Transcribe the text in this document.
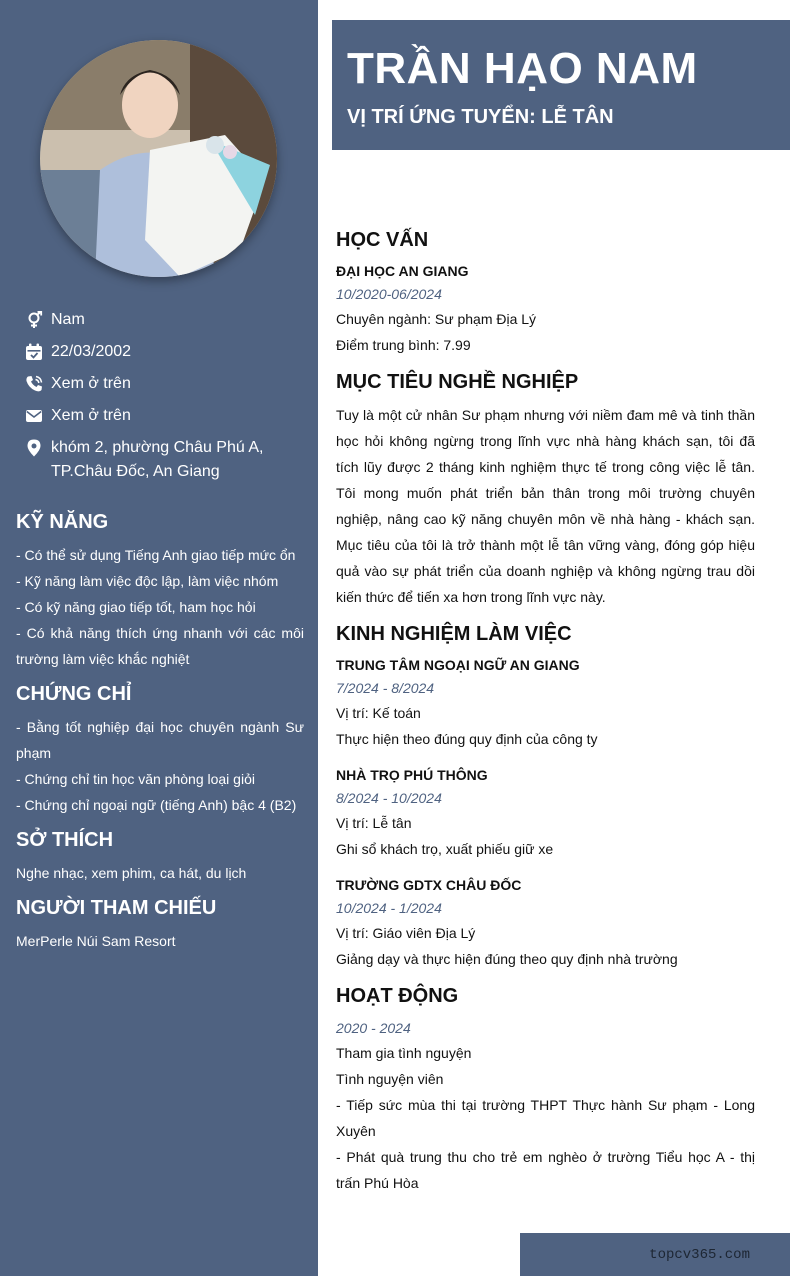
Nam
22/03/2002
Xem ở trên
Xem ở trên
khóm 2, phường Châu Phú A,
TP.Châu Đốc, An Giang
KỸ NĂNG

- Có thể sử dụng Tiếng Anh giao tiếp mức ổn

- Kỹ năng làm việc độc lập, làm việc nhóm

- Có kỹ năng giao tiếp tốt, ham học hỏi

- Có khả năng thích ứng nhanh với các môi trường làm việc khắc nghiệt

CHỨNG CHỈ

- Bằng tốt nghiệp đại học chuyên ngành Sư phạm

- Chứng chỉ tin học văn phòng loại giỏi

- Chứng chỉ ngoại ngữ (tiếng Anh) bậc 4 (B2)

SỞ THÍCH

Nghe nhạc, xem phim, ca hát, du lịch

NGƯỜI THAM CHIẾU

MerPerle Núi Sam Resort

TRẦN HẠO NAM
VỊ TRÍ ỨNG TUYỂN: LỄ TÂN
HỌC VẤN

ĐẠI HỌC AN GIANG

10/2020-06/2024

Chuyên ngành: Sư phạm Địa Lý

Điểm trung bình: 7.99

MỤC TIÊU NGHỀ NGHIỆP

Tuy là một cử nhân Sư phạm nhưng với niềm đam mê và tinh thần học hỏi không ngừng trong lĩnh vực nhà hàng khách sạn, tôi đã tích lũy được 2 tháng kinh nghiệm thực tế trong công việc lễ tân. Tôi mong muốn phát triển bản thân trong môi trường chuyên nghiệp, nâng cao kỹ năng chuyên môn về nhà hàng - khách sạn. Mục tiêu của tôi là trở thành một lễ tân vững vàng, đóng góp hiệu quả vào sự phát triển của doanh nghiệp và không ngừng trau dồi kiến thức để tiến xa hơn trong lĩnh vực này.

KINH NGHIỆM LÀM VIỆC

TRUNG TÂM NGOẠI NGỮ AN GIANG

7/2024 - 8/2024

Vị trí: Kế toán

Thực hiện theo đúng quy định của công ty

NHÀ TRỌ PHÚ THÔNG

8/2024 - 10/2024

Vị trí: Lễ tân

Ghi sổ khách trọ, xuất phiếu giữ xe

TRƯỜNG GDTX CHÂU ĐỐC

10/2024 - 1/2024

Vị trí: Giáo viên Địa Lý

Giảng dạy và thực hiện đúng theo quy định nhà trường

HOẠT ĐỘNG

2020 - 2024

Tham gia tình nguyện

Tình nguyện viên

- Tiếp sức mùa thi tại trường THPT Thực hành Sư phạm - Long Xuyên

- Phát quà trung thu cho trẻ em nghèo ở trường Tiểu học A - thị trấn Phú Hòa

topcv365.com
